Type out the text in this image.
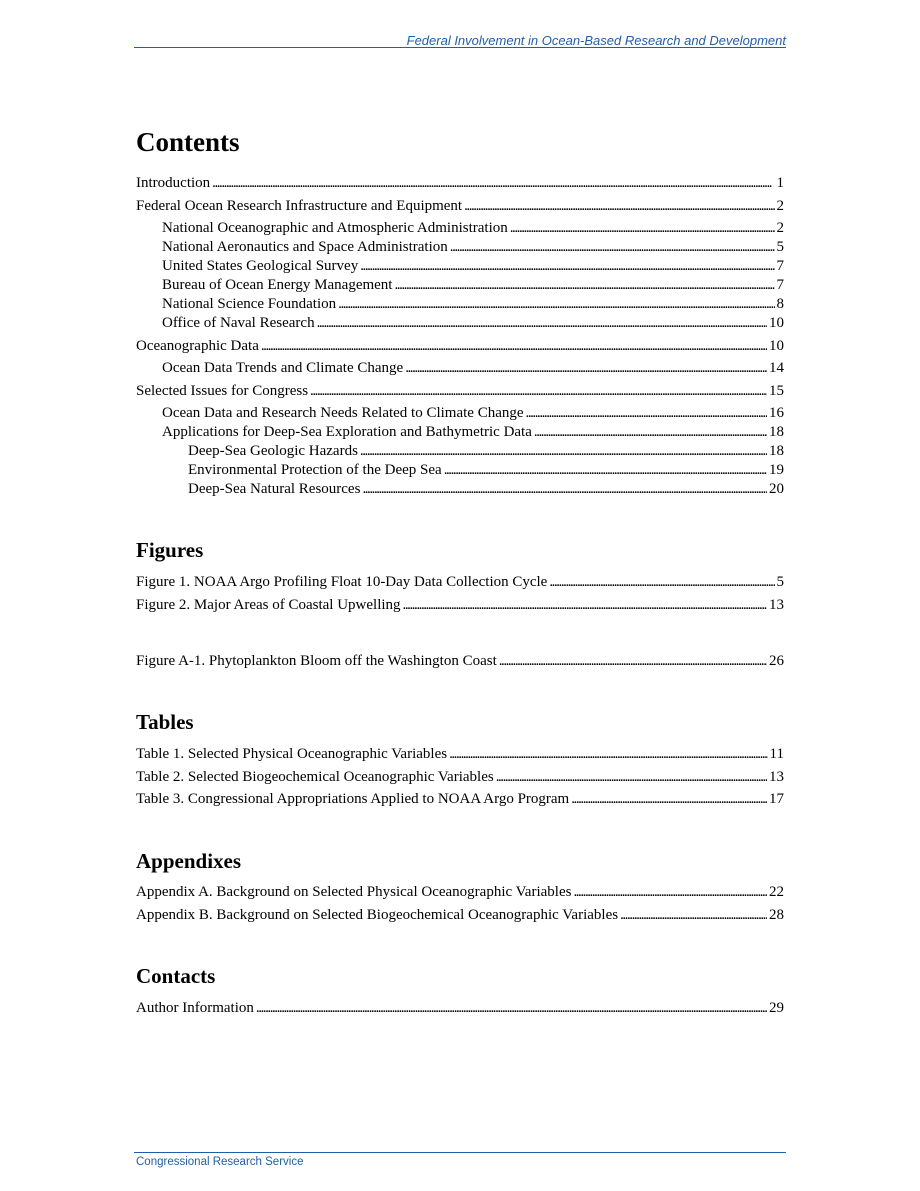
Federal Involvement in Ocean-Based Research and Development
Contents
Introduction . . .	1
Federal Ocean Research Infrastructure and Equipment . . .	2
National Oceanographic and Atmospheric Administration . . .	2
National Aeronautics and Space Administration . . .	5
United States Geological Survey . . .	7
Bureau of Ocean Energy Management . . .	7
National Science Foundation . . .	8
Office of Naval Research . . .	10
Oceanographic Data . . .	10
Ocean Data Trends and Climate Change . . .	14
Selected Issues for Congress . . .	15
Ocean Data and Research Needs Related to Climate Change . . .	16
Applications for Deep-Sea Exploration and Bathymetric Data . . .	18
Deep-Sea Geologic Hazards . . .	18
Environmental Protection of the Deep Sea . . .	19
Deep-Sea Natural Resources . . .	20
Figures
Figure 1. NOAA Argo Profiling Float 10-Day Data Collection Cycle . . .	5
Figure 2. Major Areas of Coastal Upwelling . . .	13
Figure A-1. Phytoplankton Bloom off the Washington Coast . . .	26
Tables
Table 1. Selected Physical Oceanographic Variables . . .	11
Table 2. Selected Biogeochemical Oceanographic Variables . . .	13
Table 3. Congressional Appropriations Applied to NOAA Argo Program . . .	17
Appendixes
Appendix A. Background on Selected Physical Oceanographic Variables . . .	22
Appendix B. Background on Selected Biogeochemical Oceanographic Variables . . .	28
Contacts
Author Information . . .	29
Congressional Research Service
